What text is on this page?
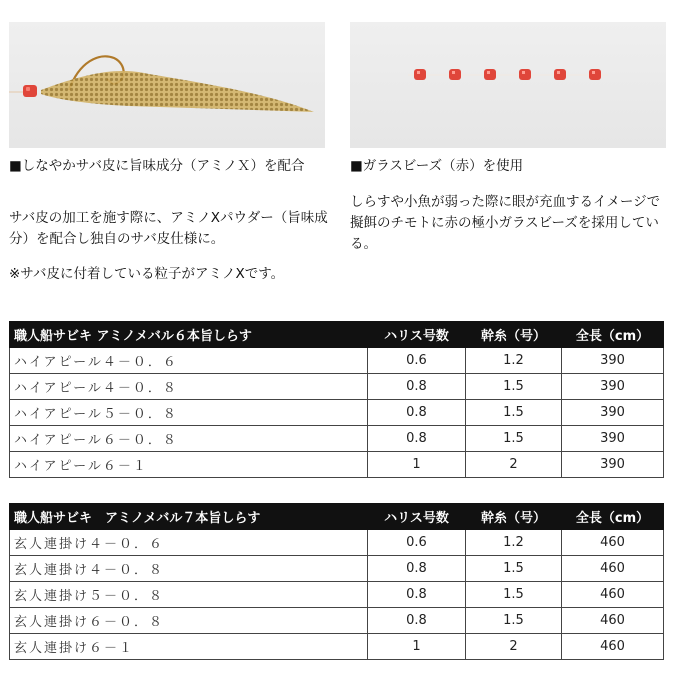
■しなやかサバ皮に旨味成分（アミノＸ）を配合
サバ皮の加工を施す際に、アミノXパウダー（旨味成分）を配合し独自のサバ皮仕様に。
※サバ皮に付着している粒子がアミノXです。
■ガラスビーズ（赤）を使用
しらすや小魚が弱った際に眼が充血するイメージで擬餌のチモトに赤の極小ガラスビーズを採用している。
職人船サビキ アミノメバル６本旨しらす	ハリス号数	幹糸（号）	全長（cm）
ハイアピール４－０．６	0.6	1.2	390
ハイアピール４－０．８	0.8	1.5	390
ハイアピール５－０．８	0.8	1.5	390
ハイアピール６－０．８	0.8	1.5	390
ハイアピール６－１	1	2	390
職人船サビキ　アミノメバル７本旨しらす	ハリス号数	幹糸（号）	全長（cm）
玄人連掛け４－０．６	0.6	1.2	460
玄人連掛け４－０．８	0.8	1.5	460
玄人連掛け５－０．８	0.8	1.5	460
玄人連掛け６－０．８	0.8	1.5	460
玄人連掛け６－１	1	2	460
